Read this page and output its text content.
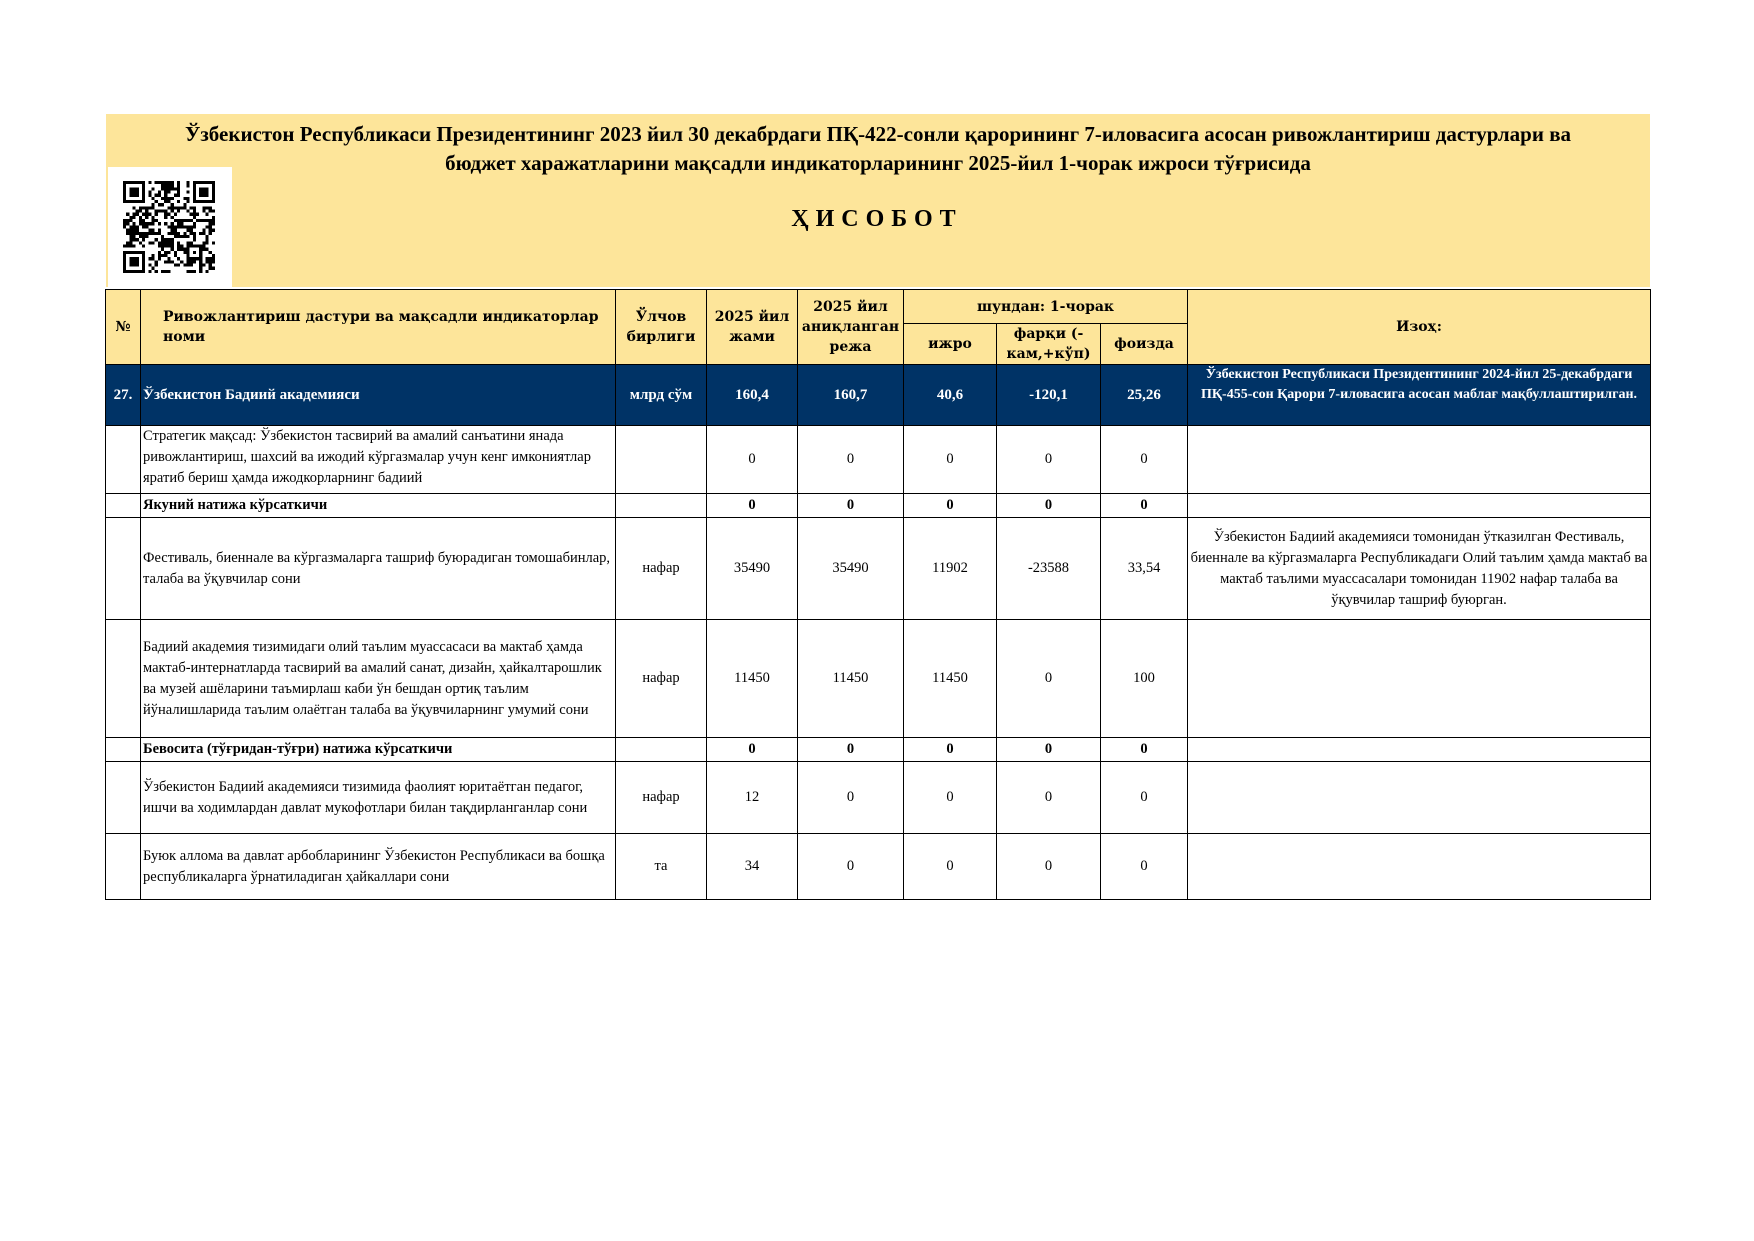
Ўзбекистон Республикаси Президентининг 2023 йил 30 декабрдаги ПҚ-422-сонли қарорининг 7-иловасига асосан ривожлантириш дастурлари ва
бюджет харажатларини мақсадли индикаторларининг 2025-йил 1-чорак ижроси тўғрисида
ҲИСОБОТ
№	Ривожлантириш дастури ва мақсадли индикаторлар номи	Ўлчов бирлиги	2025 йил жами	2025 йил аниқланган режа	шундан: 1-чорак			Изоҳ:
					ижро	фарқи (-кам,+кўп)	фоизда	
27.	Ўзбекистон Бадиий академияси	млрд сўм	160,4	160,7	40,6	-120,1	25,26	Ўзбекистон Республикаси Президентининг 2024-йил 25-декабрдаги ПҚ-455-сон Қарори 7-иловасига асосан маблағ мақбуллаштирилган.
	Стратегик мақсад: Ўзбекистон тасвирий ва амалий санъатини янада ривожлантириш, шахсий ва ижодий кўргазмалар учун кенг имкониятлар яратиб бериш ҳамда ижодкорларнинг бадиий		0	0	0	0	0	
	Якуний натижа кўрсаткичи		0	0	0	0	0	
	Фестиваль, биеннале ва кўргазмаларга ташриф буюрадиган томошабинлар, талаба ва ўқувчилар сони	нафар	35490	35490	11902	-23588	33,54	Ўзбекистон Бадиий академияси томонидан ўтказилган Фестиваль, биеннале ва кўргазмаларга Республикадаги Олий таълим ҳамда мактаб ва мактаб таълими муассасалари томонидан 11902 нафар талаба ва ўқувчилар ташриф буюрган.
	Бадиий академия тизимидаги олий таълим муассасаси ва мактаб ҳамда мактаб-интернатларда тасвирий ва амалий санат, дизайн, ҳайкалтарошлик ва музей ашёларини таъмирлаш каби ўн бешдан ортиқ таълим йўналишларида таълим олаётган талаба ва ўқувчиларнинг умумий сони	нафар	11450	11450	11450	0	100	
	Бевосита (тўғридан-тўғри) натижа кўрсаткичи		0	0	0	0	0	
	Ўзбекистон Бадиий академияси тизимида фаолият юритаётган педагог, ишчи ва ходимлардан давлат мукофотлари билан тақдирланганлар сони	нафар	12	0	0	0	0	
	Буюк аллома ва давлат арбобларининг Ўзбекистон Республикаси ва бошқа республикаларга ўрнатиладиган ҳайкаллари сони	та	34	0	0	0	0	
